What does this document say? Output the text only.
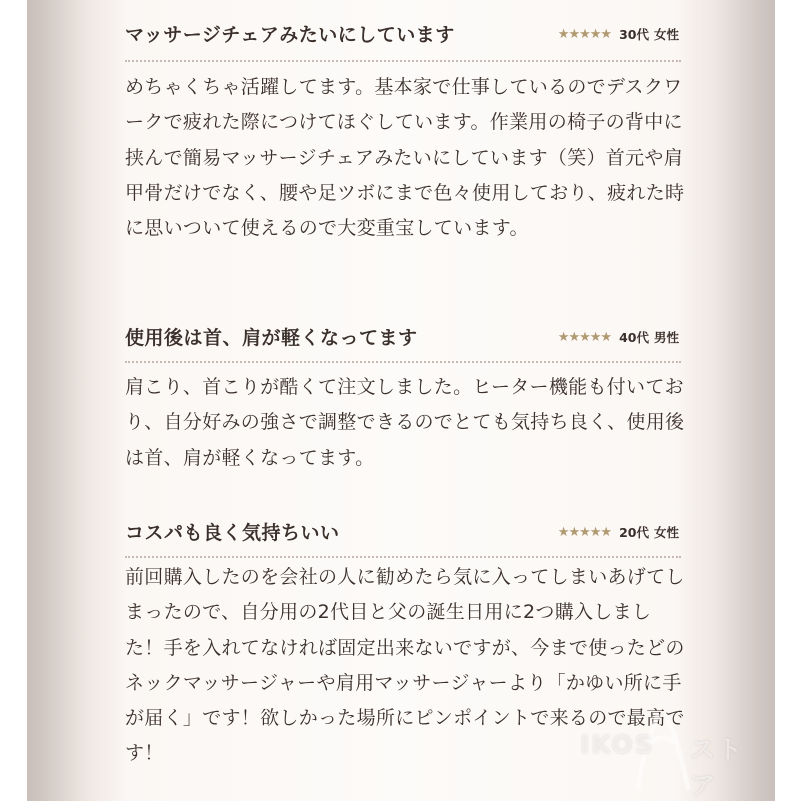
マッサージチェアみたいにしています	★★★★★ 30代 女性
めちゃくちゃ活躍してます。基本家で仕事しているのでデスクワークで疲れた際につけてほぐしています。作業用の椅子の背中に挟んで簡易マッサージチェアみたいにしています（笑）首元や肩甲骨だけでなく、腰や足ツボにまで色々使用しており、疲れた時に思いついて使えるので大変重宝しています。
使用後は首、肩が軽くなってます	★★★★★ 40代 男性
肩こり、首こりが酷くて注文しました。ヒーター機能も付いており、自分好みの強さで調整できるのでとても気持ち良く、使用後は首、肩が軽くなってます。
コスパも良く気持ちいい	★★★★★ 20代 女性
前回購入したのを会社の人に勧めたら気に入ってしまいあげてしまったので、自分用の2代目と父の誕生日用に2つ購入しました！手を入れてなければ固定出来ないですが、今まで使ったどのネックマッサージャーや肩用マッサージャーより「かゆい所に手が届く」です！欲しかった場所にピンポイントで来るので最高です！	IKOS ストア
